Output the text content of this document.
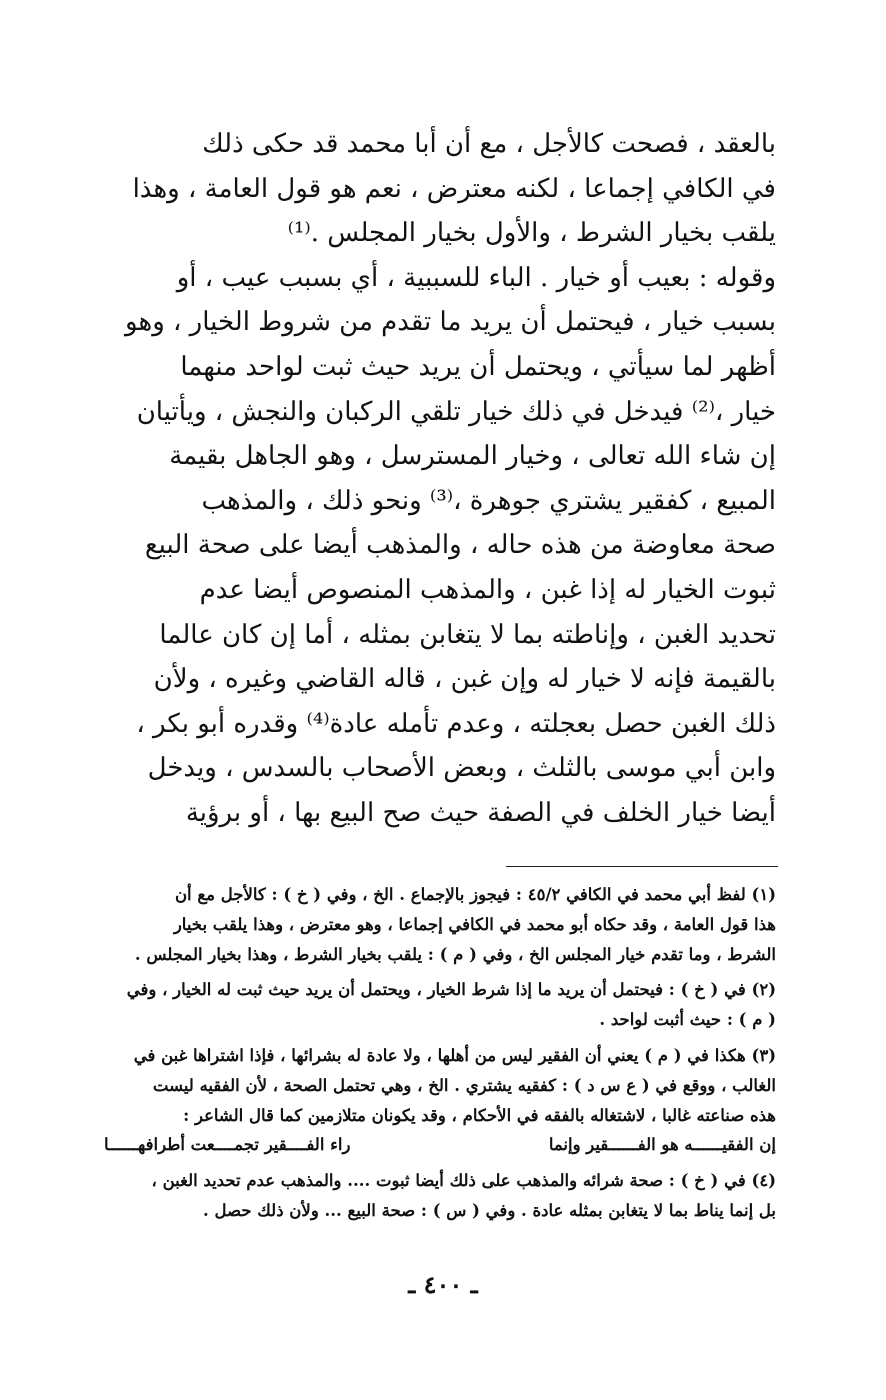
بالعقد ، فصحت كالأجل ، مع أن أبا محمد قد حكى ذلك
في الكافي إجماعا ، لكنه معترض ، نعم هو قول العامة ، وهذا
يلقب بخيار الشرط ، والأول بخيار المجلس .⁽¹⁾
وقوله : بعيب أو خيار . الباء للسببية ، أي بسبب عيب ، أو
بسبب خيار ، فيحتمل أن يريد ما تقدم من شروط الخيار ، وهو
أظهر لما سيأتي ، ويحتمل أن يريد حيث ثبت لواحد منهما
خيار ،⁽²⁾ فيدخل في ذلك خيار تلقي الركبان والنجش ، ويأتيان
إن شاء الله تعالى ، وخيار المسترسل ، وهو الجاهل بقيمة
المبيع ، كفقير يشتري جوهرة ،⁽³⁾ ونحو ذلك ، والمذهب
صحة معاوضة من هذه حاله ، والمذهب أيضا على صحة البيع
ثبوت الخيار له إذا غبن ، والمذهب المنصوص أيضا عدم
تحديد الغبن ، وإناطته بما لا يتغابن بمثله ، أما إن كان عالما
بالقيمة فإنه لا خيار له وإن غبن ، قاله القاضي وغيره ، ولأن
ذلك الغبن حصل بعجلته ، وعدم تأمله عادة⁽⁴⁾ وقدره أبو بكر ،
وابن أبي موسى بالثلث ، وبعض الأصحاب بالسدس ، ويدخل
أيضا خيار الخلف في الصفة حيث صح البيع بها ، أو برؤية
(١) لفظ أبي محمد في الكافي ٤٥/٢ : فيجوز بالإجماع . الخ ، وفي ( خ ) : كالأجل مع أن
هذا قول العامة ، وقد حكاه أبو محمد في الكافي إجماعا ، وهو معترض ، وهذا يلقب بخيار
الشرط ، وما تقدم خيار المجلس الخ ، وفي ( م ) : يلقب بخيار الشرط ، وهذا بخيار المجلس .
(٢) في ( خ ) : فيحتمل أن يريد ما إذا شرط الخيار ، ويحتمل أن يريد حيث ثبت له الخيار ، وفي
( م ) : حيث أثبت لواحد .
(٣) هكذا في ( م ) يعني أن الفقير ليس من أهلها ، ولا عادة له بشرائها ، فإذا اشتراها غبن في
الغالب ، ووقع في ( ع س د ) : كفقيه يشتري . الخ ، وهي تحتمل الصحة ، لأن الفقيه ليست
هذه صناعته غالبا ، لاشتغاله بالفقه في الأحكام ، وقد يكونان متلازمين كما قال الشاعر :
إن الفقيــــــه هو الفــــــقير وإنما
راء الفــــقير تجمــــعت أطرافهــــــا
(٤) في ( خ ) : صحة شرائه والمذهب على ذلك أيضا ثبوت .... والمذهب عدم تحديد الغبن ،
بل إنما يناط بما لا يتغابن بمثله عادة . وفي ( س ) : صحة البيع ... ولأن ذلك حصل .
ـ ٤٠٠ ـ
